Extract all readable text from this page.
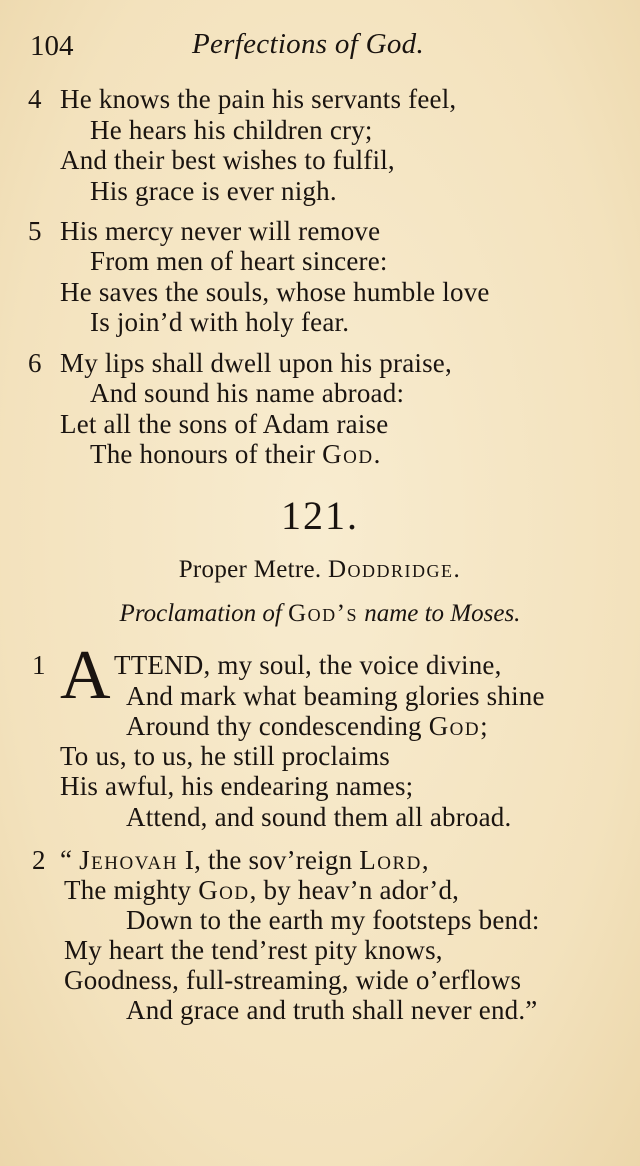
104	Perfections of God.
4 He knows the pain his servants feel,
He hears his children cry;
And their best wishes to fulfil,
His grace is ever nigh.
5 His mercy never will remove
From men of heart sincere:
He saves the souls, whose humble love
Is join’d with holy fear.
6 My lips shall dwell upon his praise,
And sound his name abroad:
Let all the sons of Adam raise
The honours of their God.
121.
Proper Metre. Doddridge.
Proclamation of God’s name to Moses.
1 A TTEND, my soul, the voice divine,
And mark what beaming glories shine
Around thy condescending God;
To us, to us, he still proclaims
His awful, his endearing names;
Attend, and sound them all abroad.
2 “ Jehovah I, the sov’reign Lord,
The mighty God, by heav’n ador’d,
Down to the earth my footsteps bend:
My heart the tend’rest pity knows,
Goodness, full-streaming, wide o’erflows
And grace and truth shall never end.”
